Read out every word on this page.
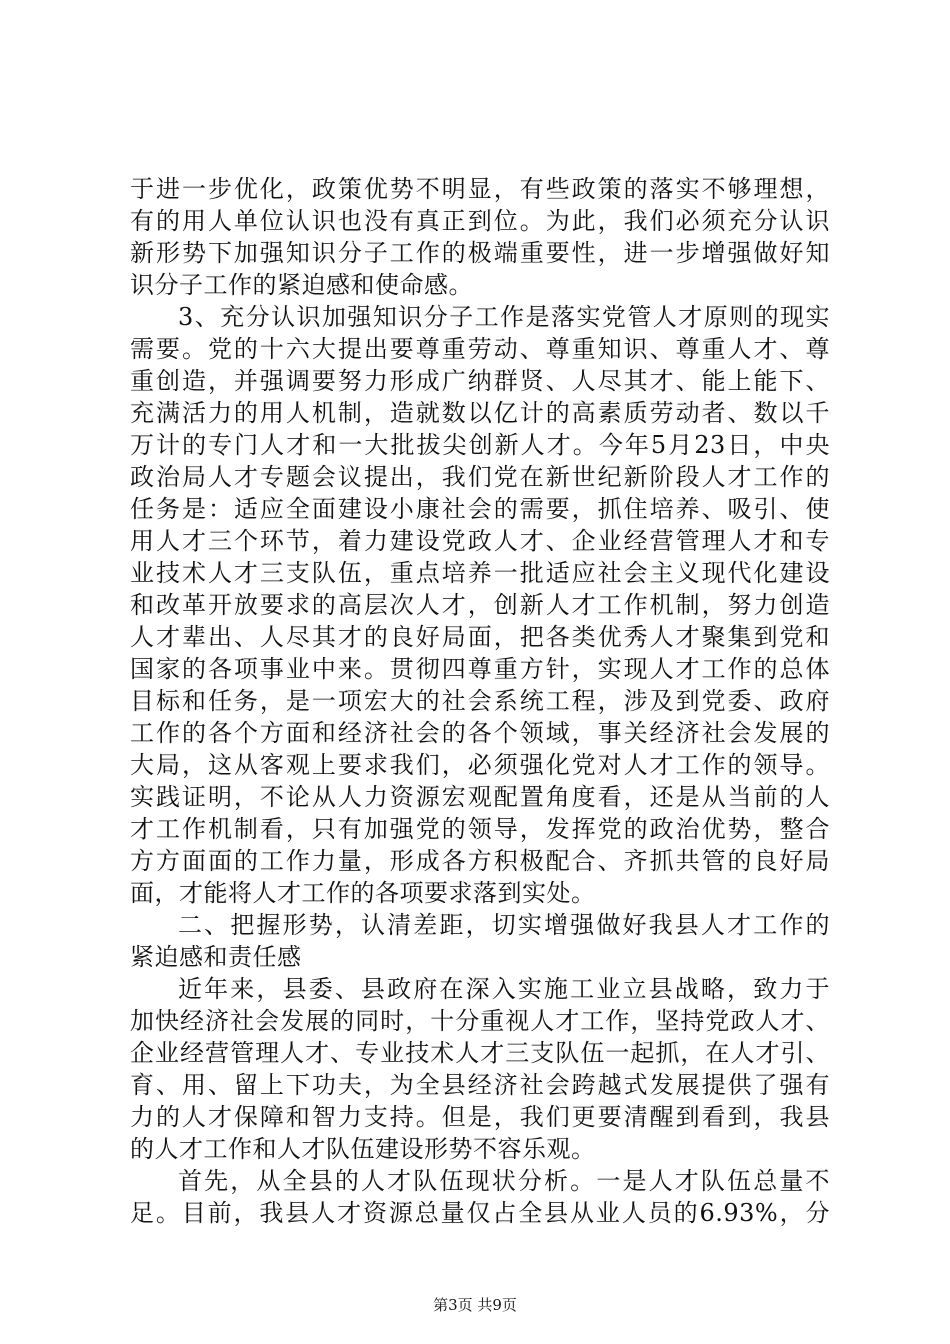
于进一步优化，政策优势不明显，有些政策的落实不够理想，
有的用人单位认识也没有真正到位。为此，我们必须充分认识
新形势下加强知识分子工作的极端重要性，进一步增强做好知
识分子工作的紧迫感和使命感。
3、充分认识加强知识分子工作是落实党管人才原则的现实
需要。党的十六大提出要尊重劳动、尊重知识、尊重人才、尊
重创造，并强调要努力形成广纳群贤、人尽其才、能上能下、
充满活力的用人机制，造就数以亿计的高素质劳动者、数以千
万计的专门人才和一大批拔尖创新人才。今年5月23日，中央
政治局人才专题会议提出，我们党在新世纪新阶段人才工作的
任务是：适应全面建设小康社会的需要，抓住培养、吸引、使
用人才三个环节，着力建设党政人才、企业经营管理人才和专
业技术人才三支队伍，重点培养一批适应社会主义现代化建设
和改革开放要求的高层次人才，创新人才工作机制，努力创造
人才辈出、人尽其才的良好局面，把各类优秀人才聚集到党和
国家的各项事业中来。贯彻四尊重方针，实现人才工作的总体
目标和任务，是一项宏大的社会系统工程，涉及到党委、政府
工作的各个方面和经济社会的各个领域，事关经济社会发展的
大局，这从客观上要求我们，必须强化党对人才工作的领导。
实践证明，不论从人力资源宏观配置角度看，还是从当前的人
才工作机制看，只有加强党的领导，发挥党的政治优势，整合
方方面面的工作力量，形成各方积极配合、齐抓共管的良好局
面，才能将人才工作的各项要求落到实处。
二、把握形势，认清差距，切实增强做好我县人才工作的
紧迫感和责任感
近年来，县委、县政府在深入实施工业立县战略，致力于
加快经济社会发展的同时，十分重视人才工作，坚持党政人才、
企业经营管理人才、专业技术人才三支队伍一起抓，在人才引、
育、用、留上下功夫，为全县经济社会跨越式发展提供了强有
力的人才保障和智力支持。但是，我们更要清醒到看到，我县
的人才工作和人才队伍建设形势不容乐观。
首先，从全县的人才队伍现状分析。一是人才队伍总量不
足。目前，我县人才资源总量仅占全县从业人员的6.93%，分
第3页 共9页
